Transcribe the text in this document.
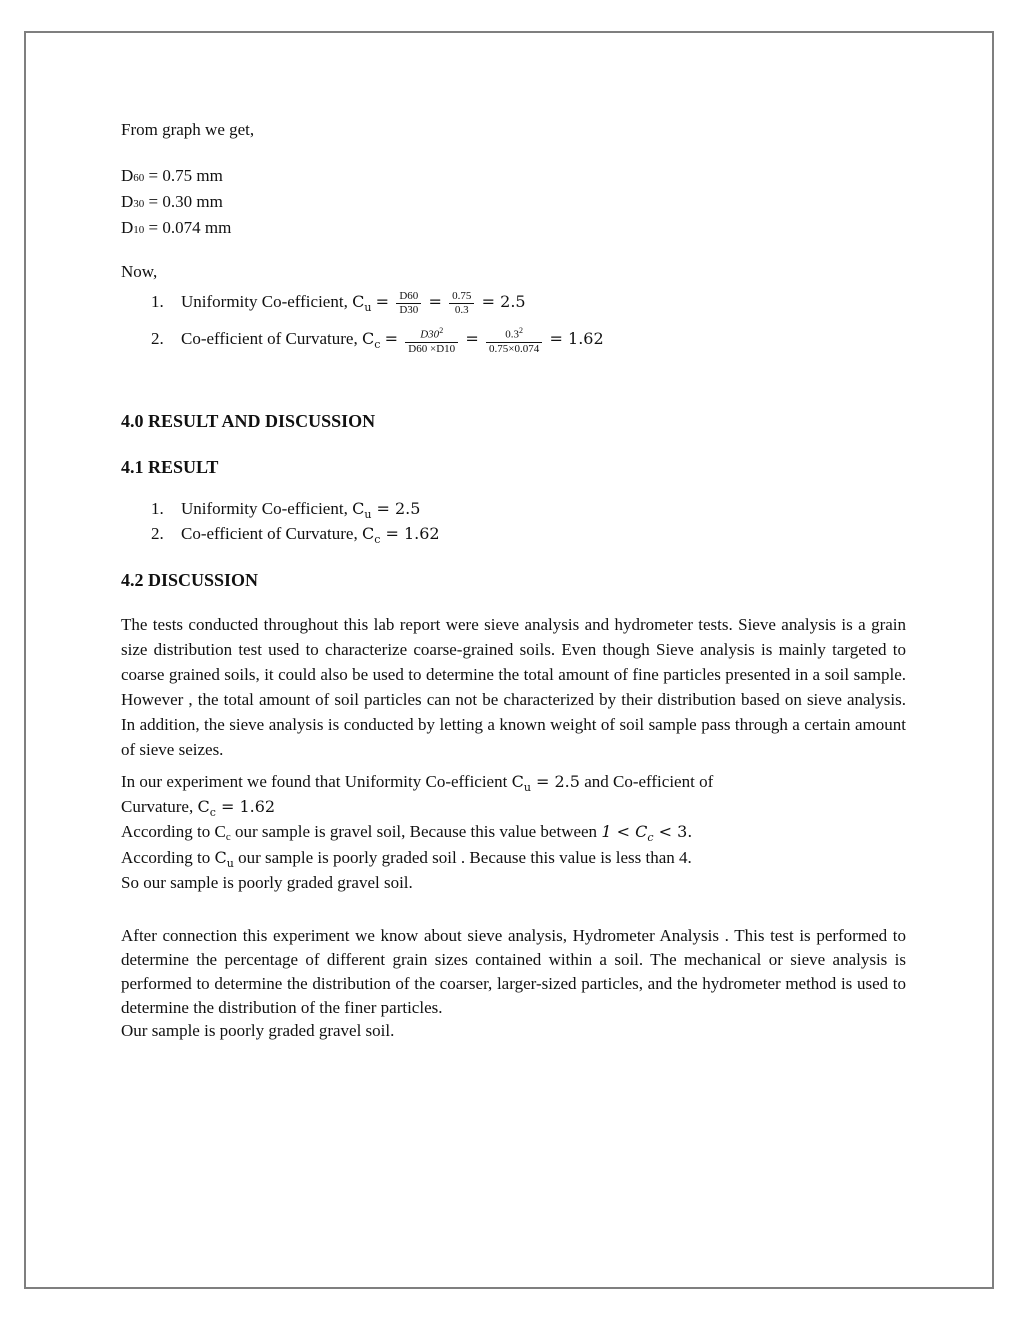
From graph we get,
D60 = 0.75 mm
D30 = 0.30 mm
D10 = 0.074 mm
Now,
1. Uniformity Co-efficient, $C_u = \frac{D60}{D30} = \frac{0.75}{0.3} = 2.5$
2. Co-efficient of Curvature, $C_c = \frac{D30^2}{D60 \times D10} = \frac{0.3^2}{0.75\times 0.074} = 1.62$
4.0 RESULT AND DISCUSSION
4.1 RESULT
1. Uniformity Co-efficient, $C_u = 2.5$
2. Co-efficient of Curvature, $C_c = 1.62$
4.2 DISCUSSION

The tests conducted throughout this lab report were sieve analysis and hydrometer tests. Sieve analysis is a grain size distribution test used to characterize coarse-grained soils. Even though Sieve analysis is mainly targeted to coarse grained soils, it could also be used to determine the total amount of fine particles presented in a soil sample. However , the total amount of soil particles can not be characterized by their distribution based on sieve analysis. In addition, the sieve analysis is conducted by letting a known weight of soil sample pass through a certain amount of sieve seizes.

In our experiment we found that Uniformity Co-efficient $C_u = 2.5$ and Co-efficient of
Curvature, $C_c = 1.62$
According to Cc our sample is gravel soil, Because this value between $1 < C_c < 3$.
According to $C_u$ our sample is poorly graded soil . Because this value is less than 4.
So our sample is poorly graded gravel soil.

After connection this experiment we know about sieve analysis, Hydrometer Analysis . This test is performed to determine the percentage of different grain sizes contained within a soil. The mechanical or sieve analysis is performed to determine the distribution of the coarser, larger-sized particles, and the hydrometer method is used to determine the distribution of the finer particles.

Our sample is poorly graded gravel soil.
